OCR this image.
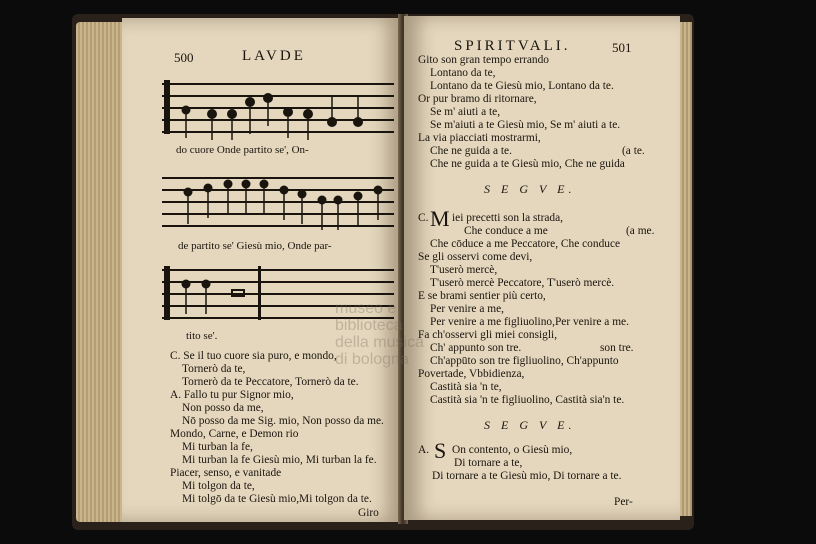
500	LAVDE
do cuore Onde partito se', On-
de partito se' Giesù mio, Onde par-
tito se'.
C. Se il tuo cuore sia puro, e mondo,
Tornerò da te,
Tornerò da te Peccatore, Tornerò da te.
A. Fallo tu pur Signor mio,
Non posso da me,
Nō posso da me Sig. mio, Non posso da me.
Mondo, Carne, e Demon rio
Mi turban la fe,
Mi turban la fe Giesù mio, Mi turban la fe.
Piacer, senso, e vanitade
Mi tolgon da te,
Mi tolgō da te Giesù mio,Mi tolgon da te.
Giro
SPIRITVALI.	501
Gito son gran tempo errando
Lontano da te,
Lontano da te Giesù mio, Lontano da te.
Or pur bramo di ritornare,
Se m' aiuti a te,
Se m'aiuti a te Giesù mio, Se m' aiuti a te.
La via piacciati mostrarmi,
Che ne guida a te.	(a te.
Che ne guida a te Giesù mio, Che ne guida
S E G V E.
C. M iei precetti son la strada,
Che conduce a me	(a me.
Che cōduce a me Peccatore, Che conduce
Se gli osservi come devi,
T'userò mercè,
T'userò mercè Peccatore, T'userò mercè.
E se brami sentier più certo,
Per venire a me,
Per venire a me figliuolino,Per venire a me.
Fa ch'osservi gli miei consigli,
Ch' appunto son tre.	son tre.
Ch'appūto son tre figliuolino, Ch'appunto
Povertade, Vbbidienza,
Castità sia 'n te,
Castità sia 'n te figliuolino, Castità sia'n te.
S E G V E.
A. S On contento, o Giesù mio,
Di tornare a te,
Di tornare a te Giesù mio, Di tornare a te.
Per-
museo e biblioteca della musica di bologna
